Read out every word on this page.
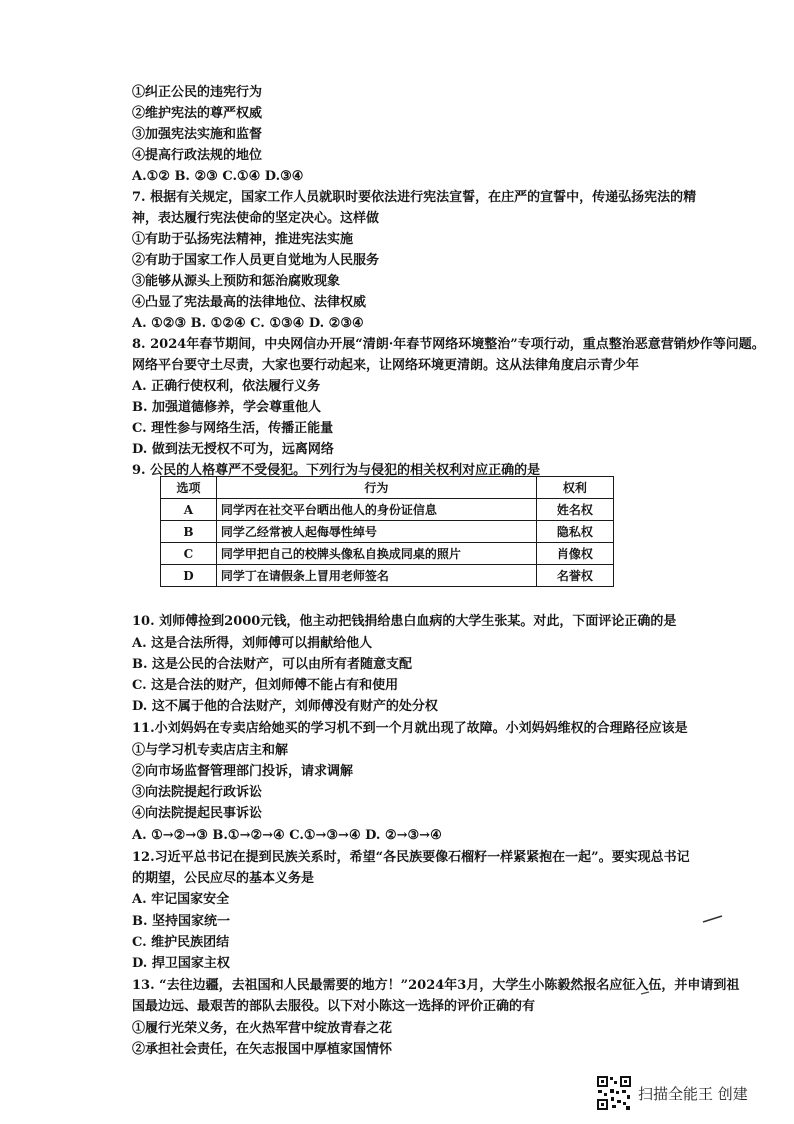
①纠正公民的违宪行为
②维护宪法的尊严权威
③加强宪法实施和监督
④提高行政法规的地位
A.①② B. ②③ C.①④ D.③④
7. 根据有关规定，国家工作人员就职时要依法进行宪法宣誓，在庄严的宣誓中，传递弘扬宪法的精
神，表达履行宪法使命的坚定决心。这样做
①有助于弘扬宪法精神，推进宪法实施
②有助于国家工作人员更自觉地为人民服务
③能够从源头上预防和惩治腐败现象
④凸显了宪法最高的法律地位、法律权威
A. ①②③ B. ①②④ C. ①③④ D. ②③④
8. 2024年春节期间，中央网信办开展“清朗·年春节网络环境整治”专项行动，重点整治恶意营销炒作等问题。
网络平台要守土尽责，大家也要行动起来，让网络环境更清朗。这从法律角度启示青少年
A. 正确行使权利，依法履行义务
B. 加强道德修养，学会尊重他人
C. 理性参与网络生活，传播正能量
D. 做到法无授权不可为，远离网络
9. 公民的人格尊严不受侵犯。下列行为与侵犯的相关权利对应正确的是
10. 刘师傅捡到2000元钱，他主动把钱捐给患白血病的大学生张某。对此，下面评论正确的是
A. 这是合法所得，刘师傅可以捐献给他人
B. 这是公民的合法财产，可以由所有者随意支配
C. 这是合法的财产，但刘师傅不能占有和使用
D. 这不属于他的合法财产，刘师傅没有财产的处分权
11.小刘妈妈在专卖店给她买的学习机不到一个月就出现了故障。小刘妈妈维权的合理路径应该是
①与学习机专卖店店主和解
②向市场监督管理部门投诉，请求调解
③向法院提起行政诉讼
④向法院提起民事诉讼
A. ①→②→③ B.①→②→④ C.①→③→④ D. ②→③→④
12.习近平总书记在提到民族关系时，希望“各民族要像石榴籽一样紧紧抱在一起”。要实现总书记
的期望，公民应尽的基本义务是
A. 牢记国家安全
B. 坚持国家统一
C. 维护民族团结
D. 捍卫国家主权
13. “去往边疆，去祖国和人民最需要的地方！”2024年3月，大学生小陈毅然报名应征入伍，并申请到祖
国最边远、最艰苦的部队去服役。以下对小陈这一选择的评价正确的有
①履行光荣义务，在火热军营中绽放青春之花
②承担社会责任，在矢志报国中厚植家国情怀
选项	行为	权利
A	同学丙在社交平台晒出他人的身份证信息	姓名权
B	同学乙经常被人起侮辱性绰号	隐私权
C	同学甲把自己的校牌头像私自换成同桌的照片	肖像权
D	同学丁在请假条上冒用老师签名	名誉权
扫描全能王 创建
